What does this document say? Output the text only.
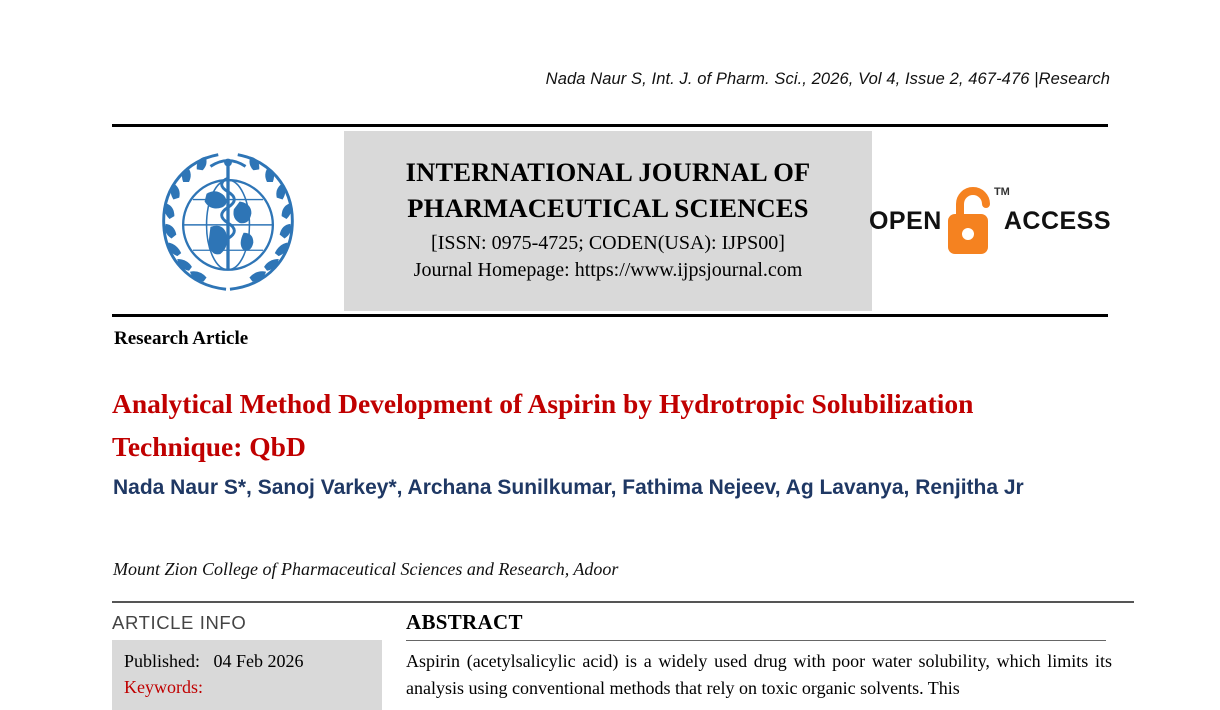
Nada Naur S, Int. J. of Pharm. Sci., 2026, Vol 4, Issue 2, 467-476 |Research
INTERNATIONAL JOURNAL OF
PHARMACEUTICAL SCIENCES
[ISSN: 0975-4725; CODEN(USA): IJPS00]
Journal Homepage: https://www.ijpsjournal.com
OPEN
TM
ACCESS
Research Article
Analytical Method Development of Aspirin by Hydrotropic Solubilization Technique: QbD
Nada Naur S*, Sanoj Varkey*, Archana Sunilkumar, Fathima Nejeev, Ag Lavanya, Renjitha Jr
Mount Zion College of Pharmaceutical Sciences and Research, Adoor
ARTICLE INFO
Published: 04 Feb 2026
Keywords:
ABSTRACT
Aspirin (acetylsalicylic acid) is a widely used drug with poor water solubility, which limits its analysis using conventional methods that rely on toxic organic solvents. This
